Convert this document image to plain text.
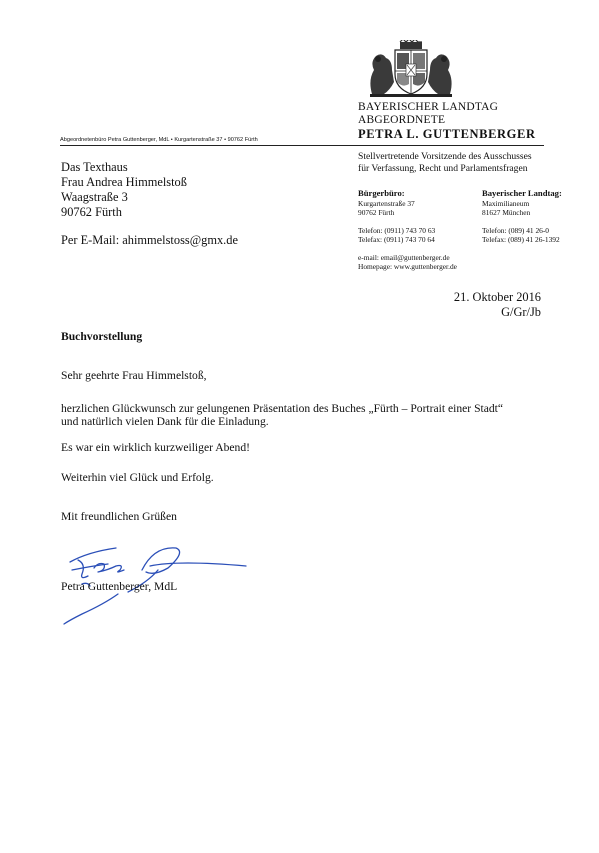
BAYERISCHER LANDTAG
ABGEORDNETE
PETRA L. GUTTENBERGER
Abgeordnetenbüro Petra Guttenberger, MdL • Kurgartenstraße 37 • 90762 Fürth
Stellvertretende Vorsitzende des Ausschusses
für Verfassung, Recht und Parlamentsfragen
Bürgerbüro:
Kurgartenstraße 37
90762 Fürth
Telefon: (0911) 743 70 63
Telefax: (0911) 743 70 64
Bayerischer Landtag:
Maximilianeum
81627 München
Telefon: (089) 41 26-0
Telefax: (089) 41 26-1392
e-mail: email@guttenberger.de
Homepage: www.guttenberger.de
Das Texthaus
Frau Andrea Himmelstoß
Waagstraße 3
90762 Fürth
Per E-Mail: ahimmelstoss@gmx.de
21. Oktober 2016
G/Gr/Jb
Buchvorstellung
Sehr geehrte Frau Himmelstoß,
herzlichen Glückwunsch zur gelungenen Präsentation des Buches „Fürth – Portrait einer Stadt“
und natürlich vielen Dank für die Einladung.
Es war ein wirklich kurzweiliger Abend!
Weiterhin viel Glück und Erfolg.
Mit freundlichen Grüßen
Petra Guttenberger, MdL
